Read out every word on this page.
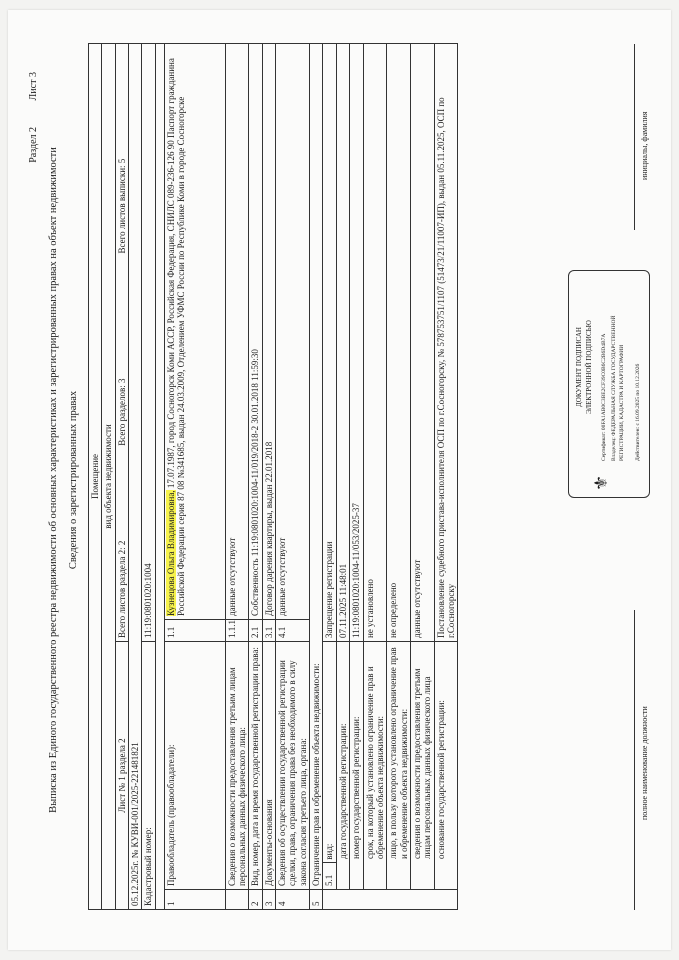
Раздел 2 Лист 3
Выписка из Единого государственного реестра недвижимости об основных характеристиках и зарегистрированных правах на объект недвижимости Сведения о зарегистрированных правах Помещение			

вид объекта недвижимости			
Лист № 1 раздела 2		Всего листов раздела 2: 2 Всего разделов: 3 Всего листов выписки: 5	
05.12.2025г. № КУВИ-001/2025-221481821			
Кадастровый номер:		11:19:0801020:1004	

1	Правообладатель (правообладатели):	1.1	Кузнецова Ольга Владимировна, 17.07.1987, город Сосногорск Коми АССР, Российская Федерация, СНИЛС 089-236-126 90 Паспорт гражданина Российской Федерации серия 87 08 №341685, выдан 24.03.2009, Отделением УФМС России по Республике Коми в городе Сосногорске
	Сведения о возможности предоставления третьим лицам персональных данных физического лица:	1.1.1	данные отсутствуют
2	Вид, номер, дата и время государственной регистрации права:	2.1	Собственность 11:19:0801020:1004-11/019/2018-2 30.01.2018 11:59:30
3	Документы-основания	3.1	Договор дарения квартиры, выдан 22.01.2018
4	Сведения об осуществлении государственной регистрации сделки, права, ограничения права без необходимого в силу закона согласия третьего лица, органа:	4.1	данные отсутствуют
5	Ограничение прав и обременение объекта недвижимости:		
	5.1 вид:	Запрещение регистрации	
	дата государственной регистрации:	07.11.2025 11:48:01	
	номер государственной регистрации:	11:19:0801020:1004-11/053/2025-37	
	срок, на который установлено ограничение прав и обременение объекта недвижимости:	не установлено	
	лицо, в пользу которого установлено ограничение прав и обременение объекта недвижимости:	не определено	
	сведения о возможности предоставления третьим лицам персональных данных физического лица	данные отсутствуют	
	основание государственной регистрации:	Постановление судебного пристава-исполнителя ОСП по г.Сосногорску, № 578753751/1107 (51473/21/11007-ИП), выдан 05.11.2025, ОСП по г.Сосногорску	
⚜
ДОКУМЕНТ ПОДПИСАН ЭЛЕКТРОННОЙ ПОДПИСЬЮ Сертификат: 00FA1AB0C3BE2CF39C0B6C2B6D4B7A Владелец: ФЕДЕРАЛЬНАЯ СЛУЖБА ГОСУДАРСТВЕННОЙ РЕГИСТРАЦИИ, КАДАСТРА И КАРТОГРАФИИ Действителен: с 16.09.2025 по 10.12.2026
полное наименование должности
инициалы, фамилия
